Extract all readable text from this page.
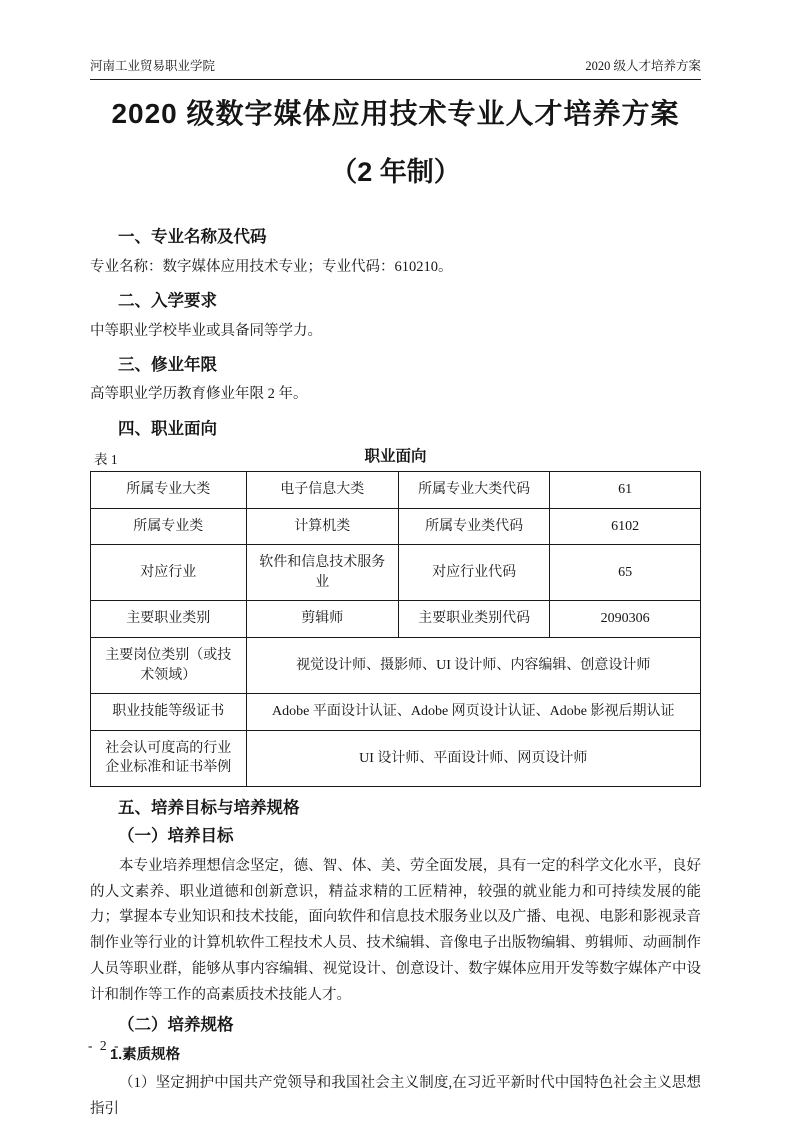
河南工业贸易职业学院	2020 级人才培养方案
2020 级数字媒体应用技术专业人才培养方案
（2 年制）
一、专业名称及代码

专业名称：数字媒体应用技术专业；专业代码：610210。

二、入学要求

中等职业学校毕业或具备同等学力。

三、修业年限

高等职业学历教育修业年限 2 年。

四、职业面向
表 1	职业面向
所属专业大类	电子信息大类	所属专业大类代码	61
所属专业类	计算机类	所属专业类代码	6102
对应行业	软件和信息技术服务业	对应行业代码	65
主要职业类别	剪辑师	主要职业类别代码	2090306
主要岗位类别（或技术领域）	视觉设计师、摄影师、UI 设计师、内容编辑、创意设计师		
职业技能等级证书	Adobe 平面设计认证、Adobe 网页设计认证、Adobe 影视后期认证		
社会认可度高的行业企业标准和证书举例	UI 设计师、平面设计师、网页设计师		
五、培养目标与培养规格
（一）培养目标

本专业培养理想信念坚定，德、智、体、美、劳全面发展，具有一定的科学文化水平，良好的人文素养、职业道德和创新意识，精益求精的工匠精神，较强的就业能力和可持续发展的能力；掌握本专业知识和技术技能，面向软件和信息技术服务业以及广播、电视、电影和影视录音制作业等行业的计算机软件工程技术人员、技术编辑、音像电子出版物编辑、剪辑师、动画制作人员等职业群，能够从事内容编辑、视觉设计、创意设计、数字媒体应用开发等数字媒体产中设计和制作等工作的高素质技术技能人才。

（二）培养规格
1.素质规格

（1）坚定拥护中国共产党领导和我国社会主义制度,在习近平新时代中国特色社会主义思想指引

- 2 -
